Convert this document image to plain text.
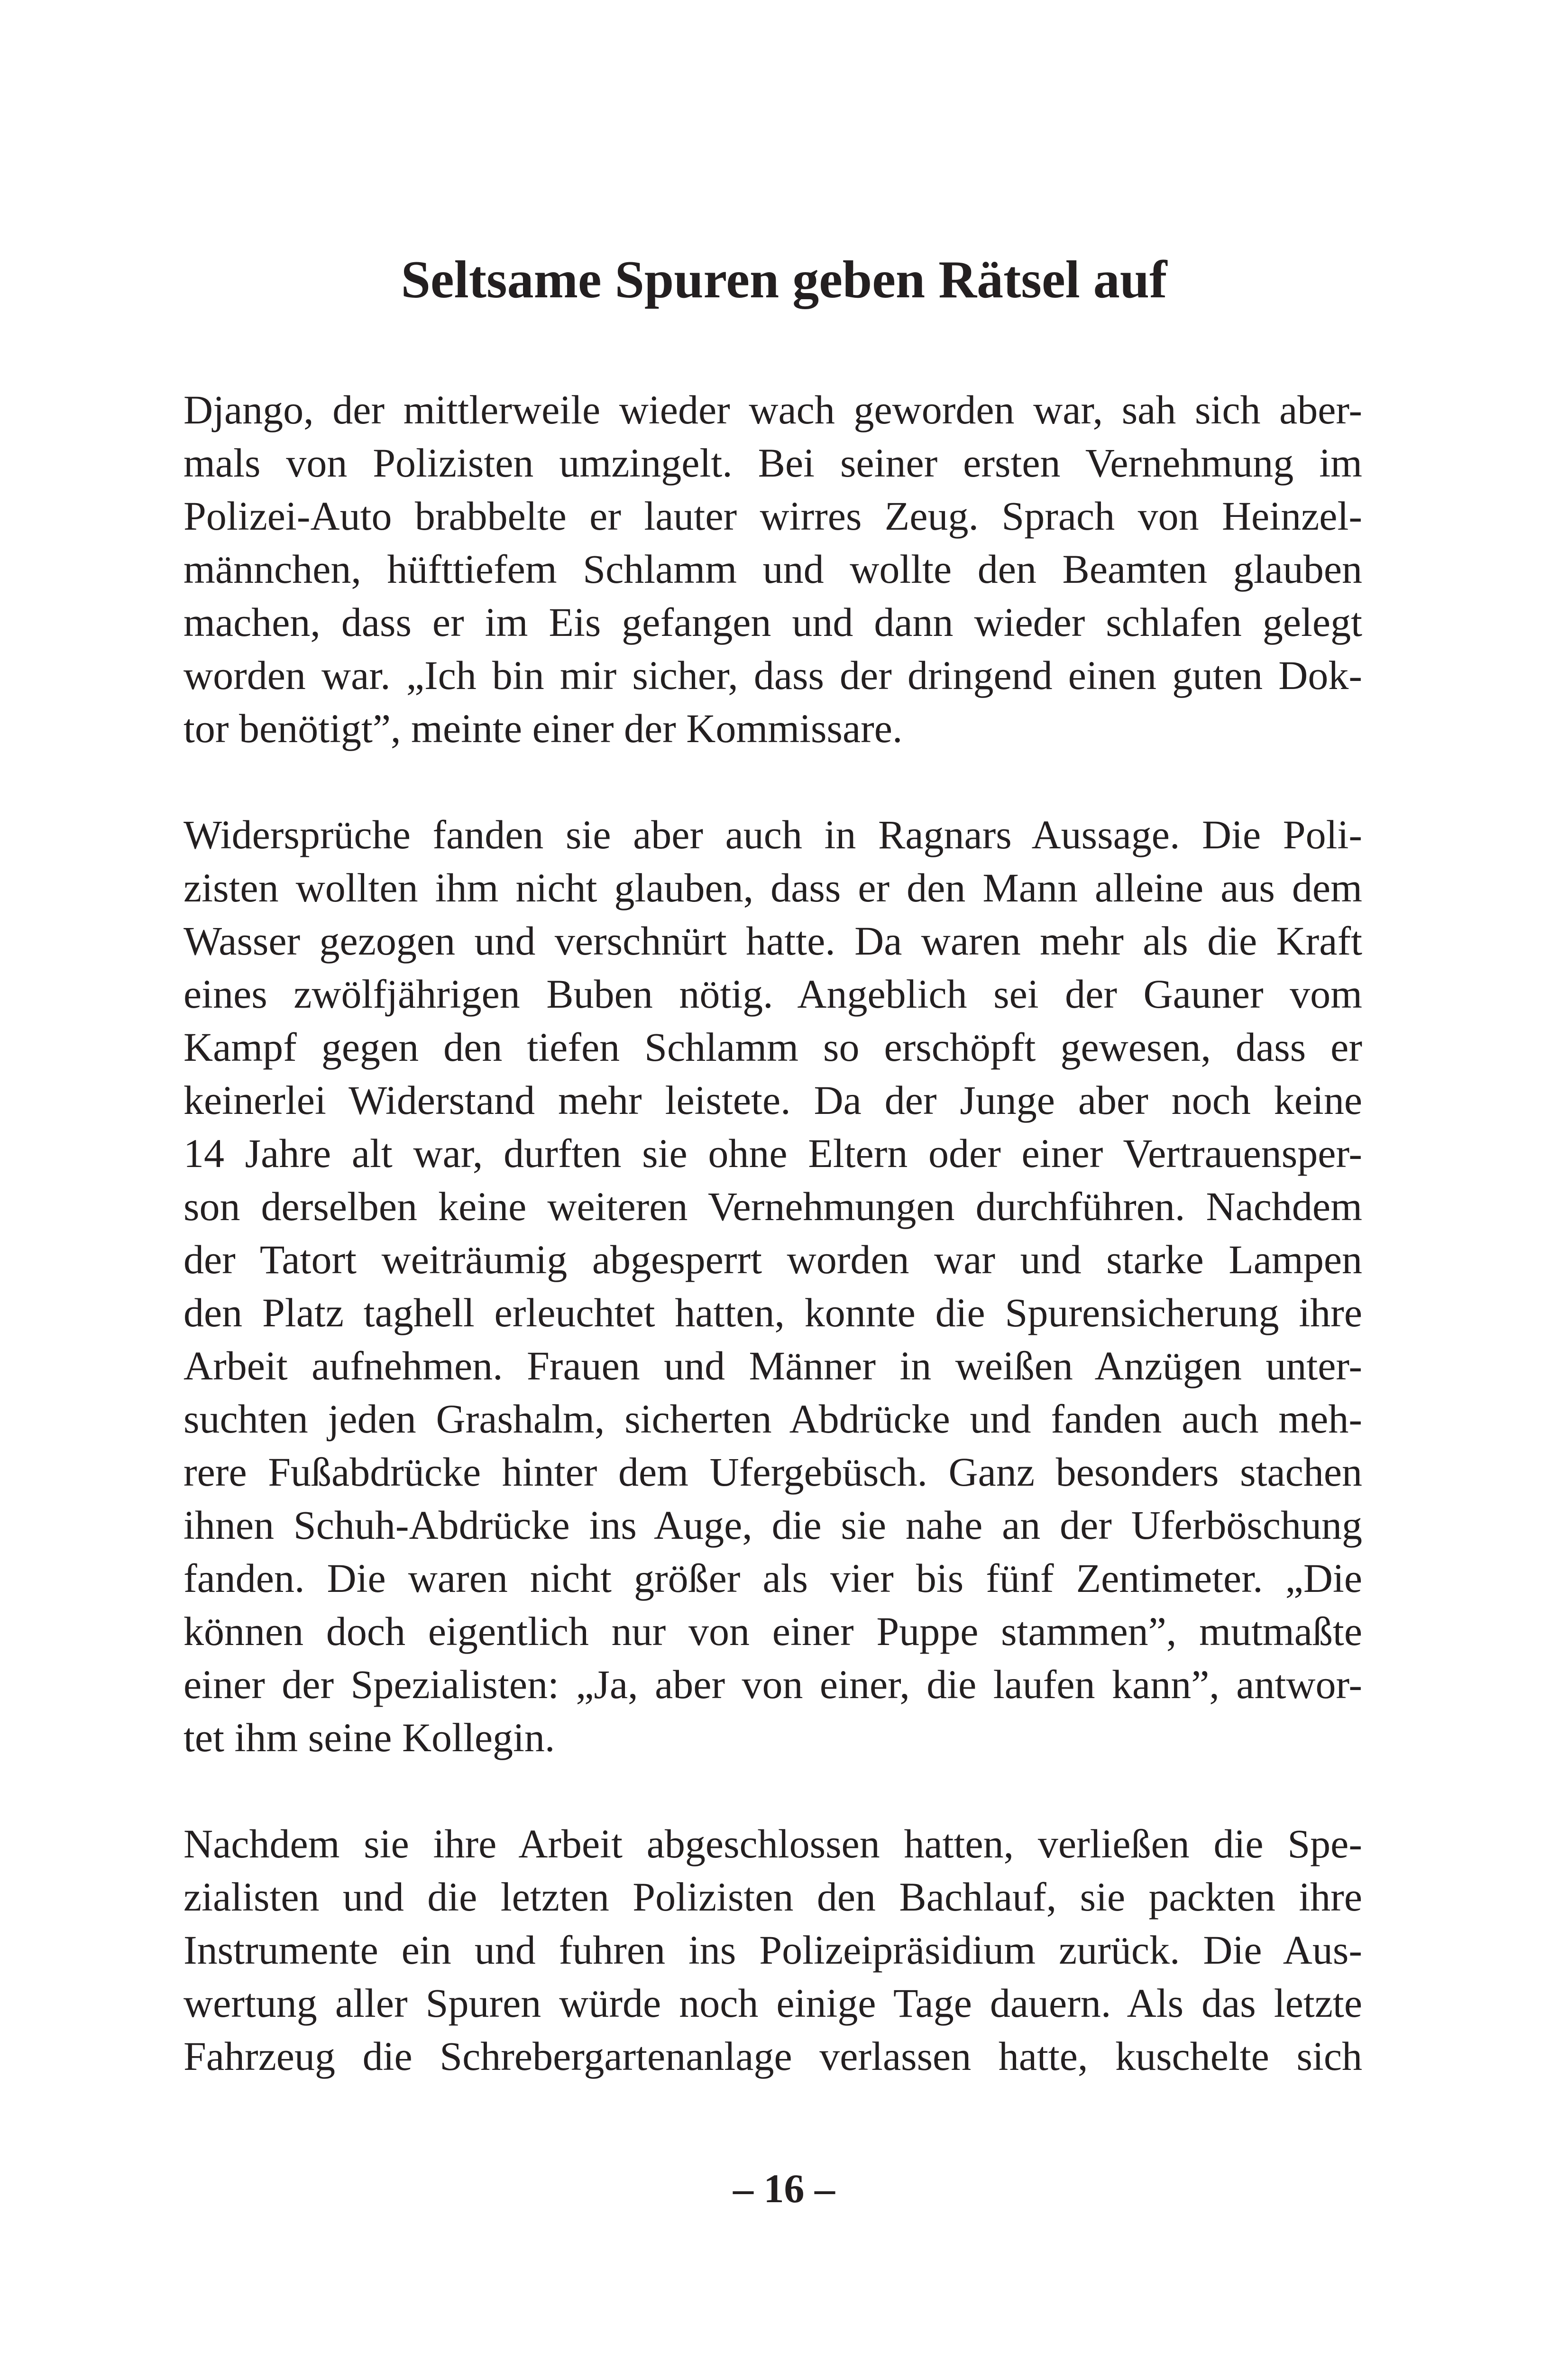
Seltsame Spuren geben Rätsel auf

Django, der mittlerweile wieder wach geworden war, sah sich aber-
mals von Polizisten umzingelt. Bei seiner ersten Vernehmung im
Polizei-Auto brabbelte er lauter wirres Zeug. Sprach von Heinzel-
männchen, hüfttiefem Schlamm und wollte den Beamten glauben
machen, dass er im Eis gefangen und dann wieder schlafen gelegt
worden war. „Ich bin mir sicher, dass der dringend einen guten Dok-
tor benötigt”, meinte einer der Kommissare.

Widersprüche fanden sie aber auch in Ragnars Aussage. Die Poli-
zisten wollten ihm nicht glauben, dass er den Mann alleine aus dem
Wasser gezogen und verschnürt hatte. Da waren mehr als die Kraft
eines zwölfjährigen Buben nötig. Angeblich sei der Gauner vom
Kampf gegen den tiefen Schlamm so erschöpft gewesen, dass er
keinerlei Widerstand mehr leistete. Da der Junge aber noch keine
14 Jahre alt war, durften sie ohne Eltern oder einer Vertrauensper-
son derselben keine weiteren Vernehmungen durchführen. Nachdem
der Tatort weiträumig abgesperrt worden war und starke Lampen
den Platz taghell erleuchtet hatten, konnte die Spurensicherung ihre
Arbeit aufnehmen. Frauen und Männer in weißen Anzügen unter-
suchten jeden Grashalm, sicherten Abdrücke und fanden auch meh-
rere Fußabdrücke hinter dem Ufergebüsch. Ganz besonders stachen
ihnen Schuh-Abdrücke ins Auge, die sie nahe an der Uferböschung
fanden. Die waren nicht größer als vier bis fünf Zentimeter. „Die
können doch eigentlich nur von einer Puppe stammen”, mutmaßte
einer der Spezialisten: „Ja, aber von einer, die laufen kann”, antwor-
tet ihm seine Kollegin.

Nachdem sie ihre Arbeit abgeschlossen hatten, verließen die Spe-
zialisten und die letzten Polizisten den Bachlauf, sie packten ihre
Instrumente ein und fuhren ins Polizeipräsidium zurück. Die Aus-
wertung aller Spuren würde noch einige Tage dauern. Als das letzte
Fahrzeug die Schrebergartenanlage verlassen hatte, kuschelte sich

– 16 –
